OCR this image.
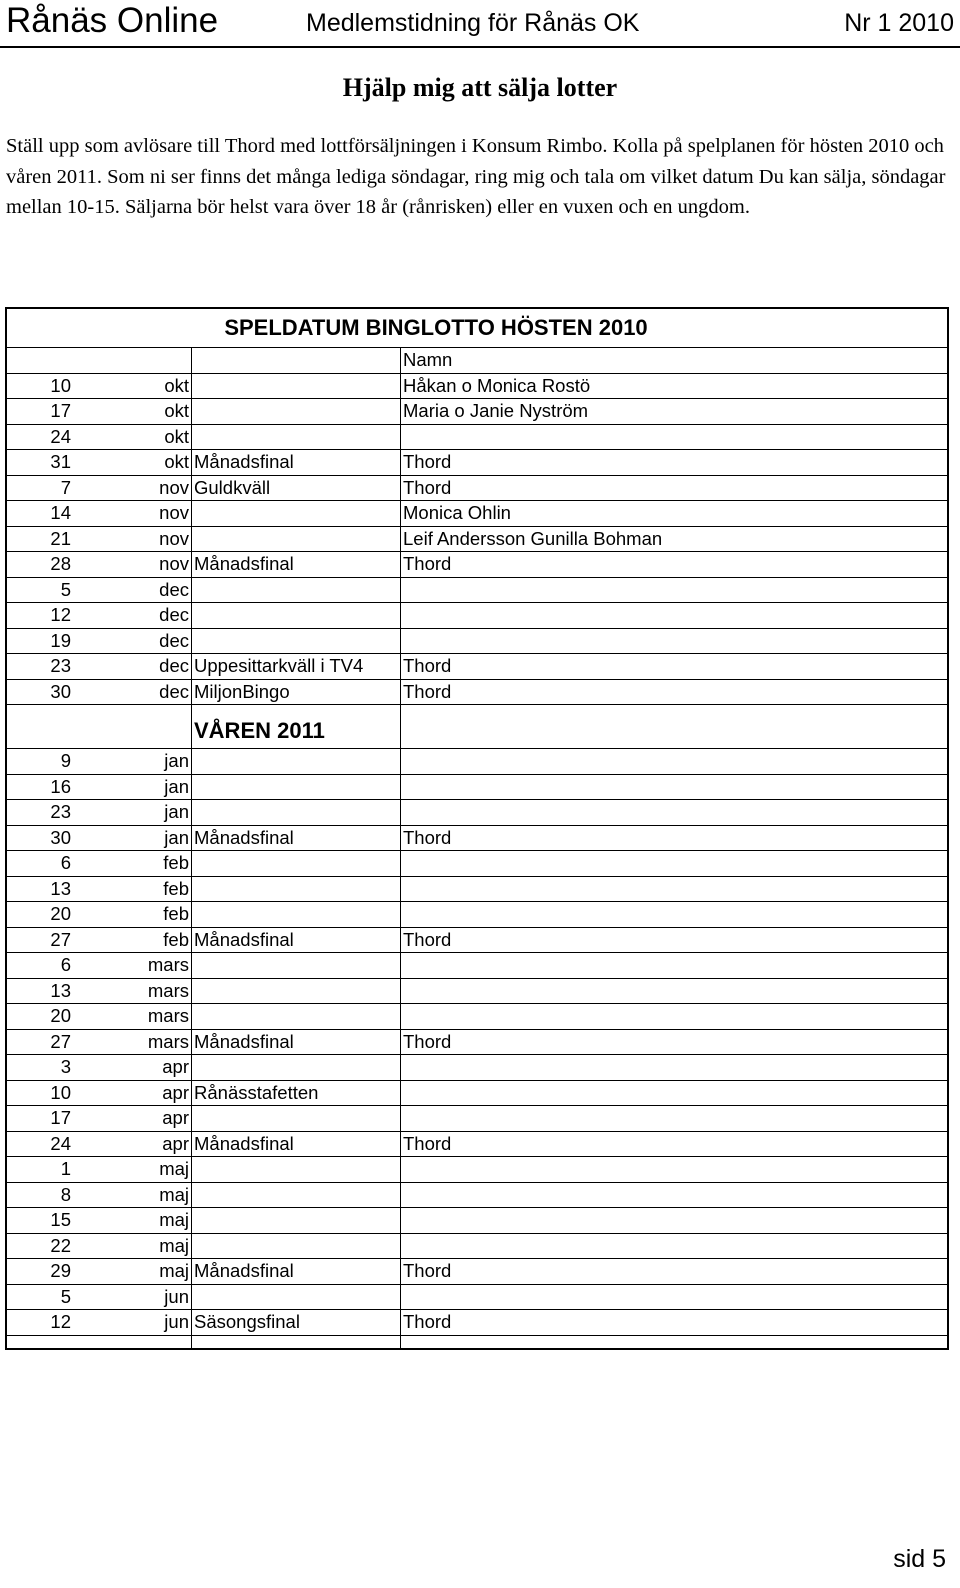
Rånäs Online	Medlemstidning för Rånäs OK	Nr 1 2010
Hjälp mig att sälja lotter

Ställ upp som avlösare till Thord med lottförsäljningen i Konsum Rimbo. Kolla på spelplanen för hösten 2010 och våren 2011. Som ni ser finns det många lediga söndagar, ring mig och tala om vilket datum Du kan sälja, söndagar mellan 10-15. Säljarna bör helst vara över 18 år (rånrisken) eller en vuxen och en ungdom.

SPELDATUM BINGLOTTO HÖSTEN 2010			
			Namn
10	okt		Håkan o Monica Rostö
17	okt		Maria o Janie Nyström
24	okt		
31	okt	Månadsfinal	Thord
7	nov	Guldkväll	Thord
14	nov		Monica Ohlin
21	nov		Leif Andersson Gunilla Bohman
28	nov	Månadsfinal	Thord
5	dec		
12	dec		
19	dec		
23	dec	Uppesittarkväll i TV4	Thord
30	dec	MiljonBingo	Thord
		VÅREN 2011	
9	jan		
16	jan		
23	jan		
30	jan	Månadsfinal	Thord
6	feb		
13	feb		
20	feb		
27	feb	Månadsfinal	Thord
6	mars		
13	mars		
20	mars		
27	mars	Månadsfinal	Thord
3	apr		
10	apr	Rånässtafetten	
17	apr		
24	apr	Månadsfinal	Thord
1	maj		
8	maj		
15	maj		
22	maj		
29	maj	Månadsfinal	Thord
5	jun		
12	jun	Säsongsfinal	Thord

sid 5
